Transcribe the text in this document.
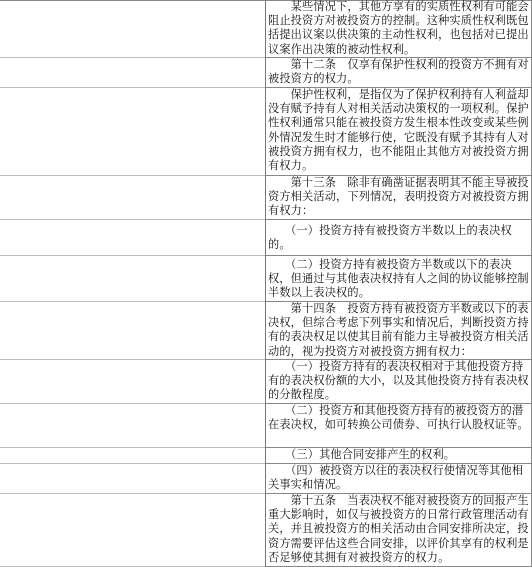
　　某些情况下，其他方享有的实质性权利有可能会阻止投资方对被投资方的控制。这种实质性权利既包括提出议案以供决策的主动性权利，也包括对已提出议案作出决策的被动性权利。
　　第十二条　仅享有保护性权利的投资方不拥有对被投资方的权力。
　　保护性权利，是指仅为了保护权利持有人利益却没有赋予持有人对相关活动决策权的一项权利。保护性权利通常只能在被投资方发生根本性改变或某些例外情况发生时才能够行使，它既没有赋予其持有人对被投资方拥有权力，也不能阻止其他方对被投资方拥有权力。
　　第十三条　除非有确凿证据表明其不能主导被投资方相关活动，下列情况，表明投资方对被投资方拥有权力：
　　（一）投资方持有被投资方半数以上的表决权的。
　　（二）投资方持有被投资方半数或以下的表决权，但通过与其他表决权持有人之间的协议能够控制半数以上表决权的。
　　第十四条　投资方持有被投资方半数或以下的表决权，但综合考虑下列事实和情况后，判断投资方持有的表决权足以使其目前有能力主导被投资方相关活动的，视为投资方对被投资方拥有权力：
　　（一）投资方持有的表决权相对于其他投资方持有的表决权份额的大小，以及其他投资方持有表决权的分散程度。
　　（二）投资方和其他投资方持有的被投资方的潜在表决权，如可转换公司债券、可执行认股权证等。
　　（三）其他合同安排产生的权利。
　　（四）被投资方以往的表决权行使情况等其他相关事实和情况。
　　第十五条　当表决权不能对被投资方的回报产生重大影响时，如仅与被投资方的日常行政管理活动有关，并且被投资方的相关活动由合同安排所决定，投资方需要评估这些合同安排，以评价其享有的权利是否足够使其拥有对被投资方的权力。
